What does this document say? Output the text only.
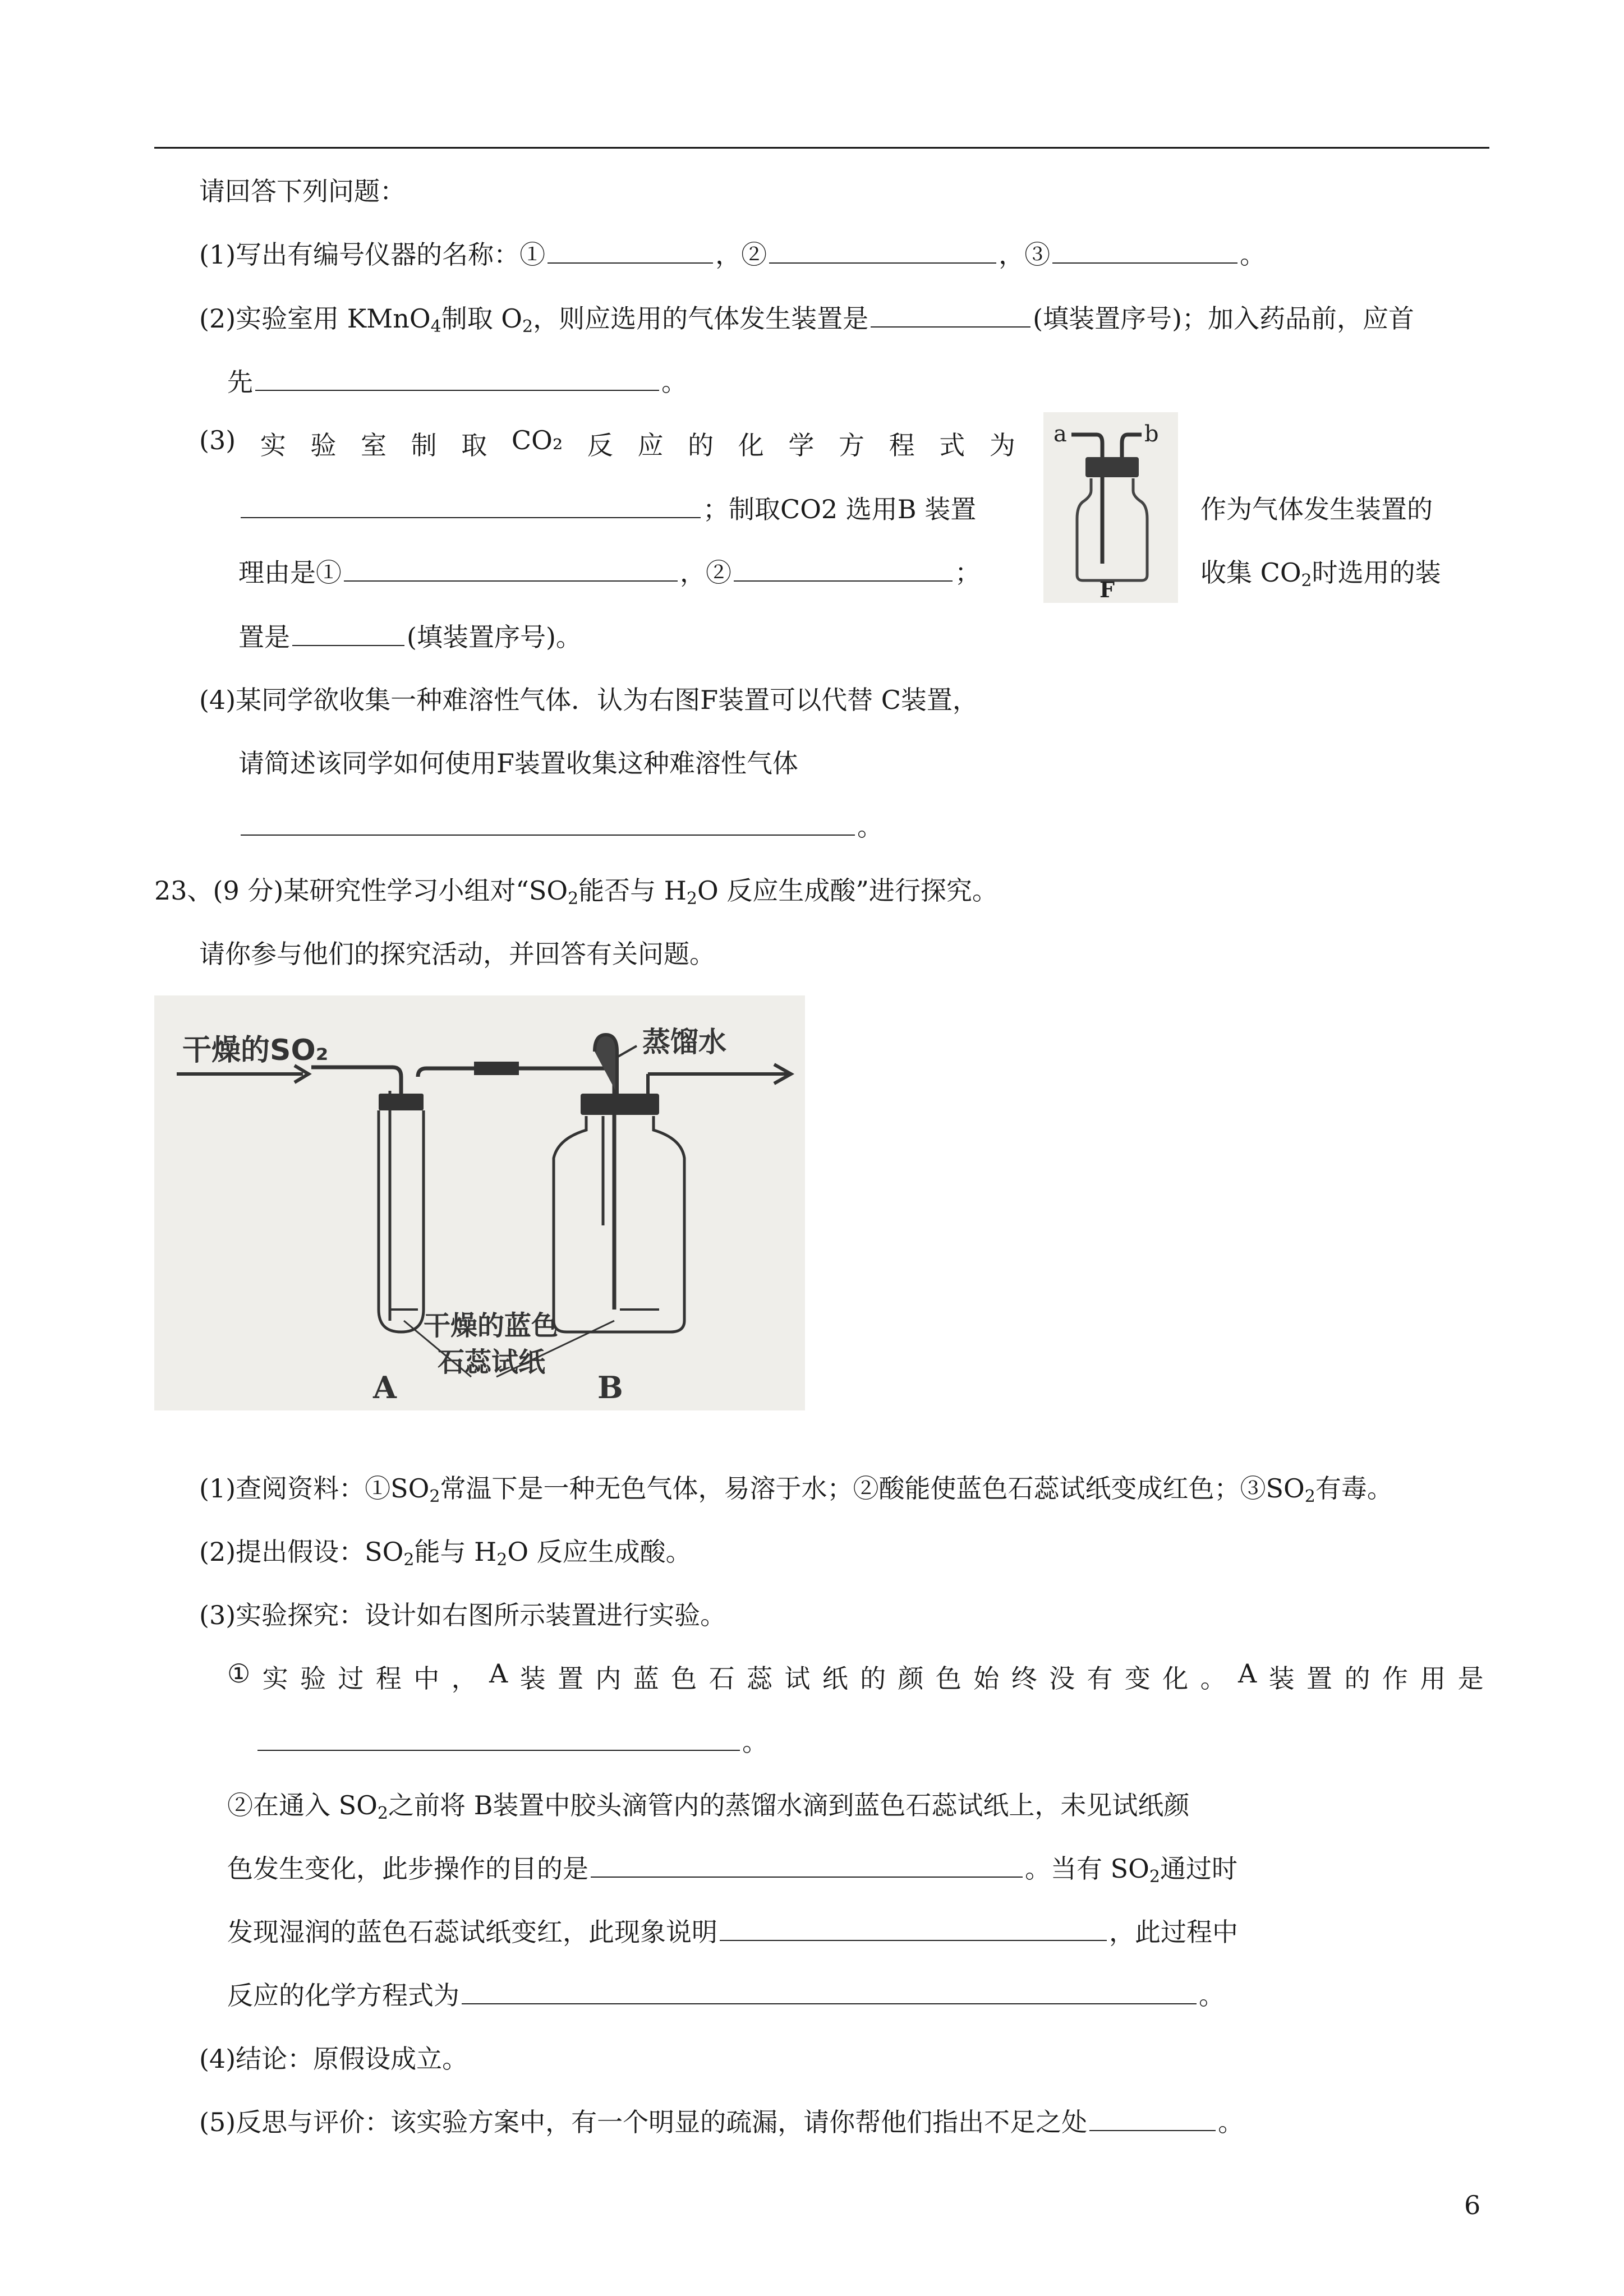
请回答下列问题：
(1)写出有编号仪器的名称：①	，②	，③	。
(2)实验室用 KMnO$_4$制取 $O_2$，则应选用的气体发生装置是	(填装置序号)；加入药品前，应首
先	。
(3) 实 验 室 制 取 CO₂ 反 应 的 化 学 方 程 式 为
；制取CO2 选用B 装置	作为气体发生装置的
理由是①	，②	；	收集 $CO_2$时选用的装
置是	(填装置序号)。
a	b
F
(4)某同学欲收集一种难溶性气体．认为右图F装置可以代替 C装置，
请简述该同学如何使用F装置收集这种难溶性气体
。
23、(9 分)某研究性学习小组对“$SO_2$能否与 $H_2O$ 反应生成酸”进行探究。
请你参与他们的探究活动，并回答有关问题。
干燥的SO₂	蒸馏水
干燥的蓝色
石蕊试纸
A	B
(1)查阅资料：$①SO_2$常温下是一种无色气体，易溶于水；②酸能使蓝色石蕊试纸变成红色；$③SO_2$有毒。
(2)提出假设：$SO_2$能与 $H_2O$ 反应生成酸。
(3)实验探究：设计如右图所示装置进行实验。
① 实 验 过 程 中 ， A 装 置 内 蓝 色 石 蕊 试 纸 的 颜 色 始 终 没 有 变 化 。 A 装 置 的 作 用 是
。
②在通入 $SO_2$之前将 B装置中胶头滴管内的蒸馏水滴到蓝色石蕊试纸上，未见试纸颜
色发生变化，此步操作的目的是	。当有 $SO_2$通过时
发现湿润的蓝色石蕊试纸变红，此现象说明	，此过程中
反应的化学方程式为	。
(4)结论：原假设成立。
(5)反思与评价：该实验方案中，有一个明显的疏漏，请你帮他们指出不足之处	。
6
